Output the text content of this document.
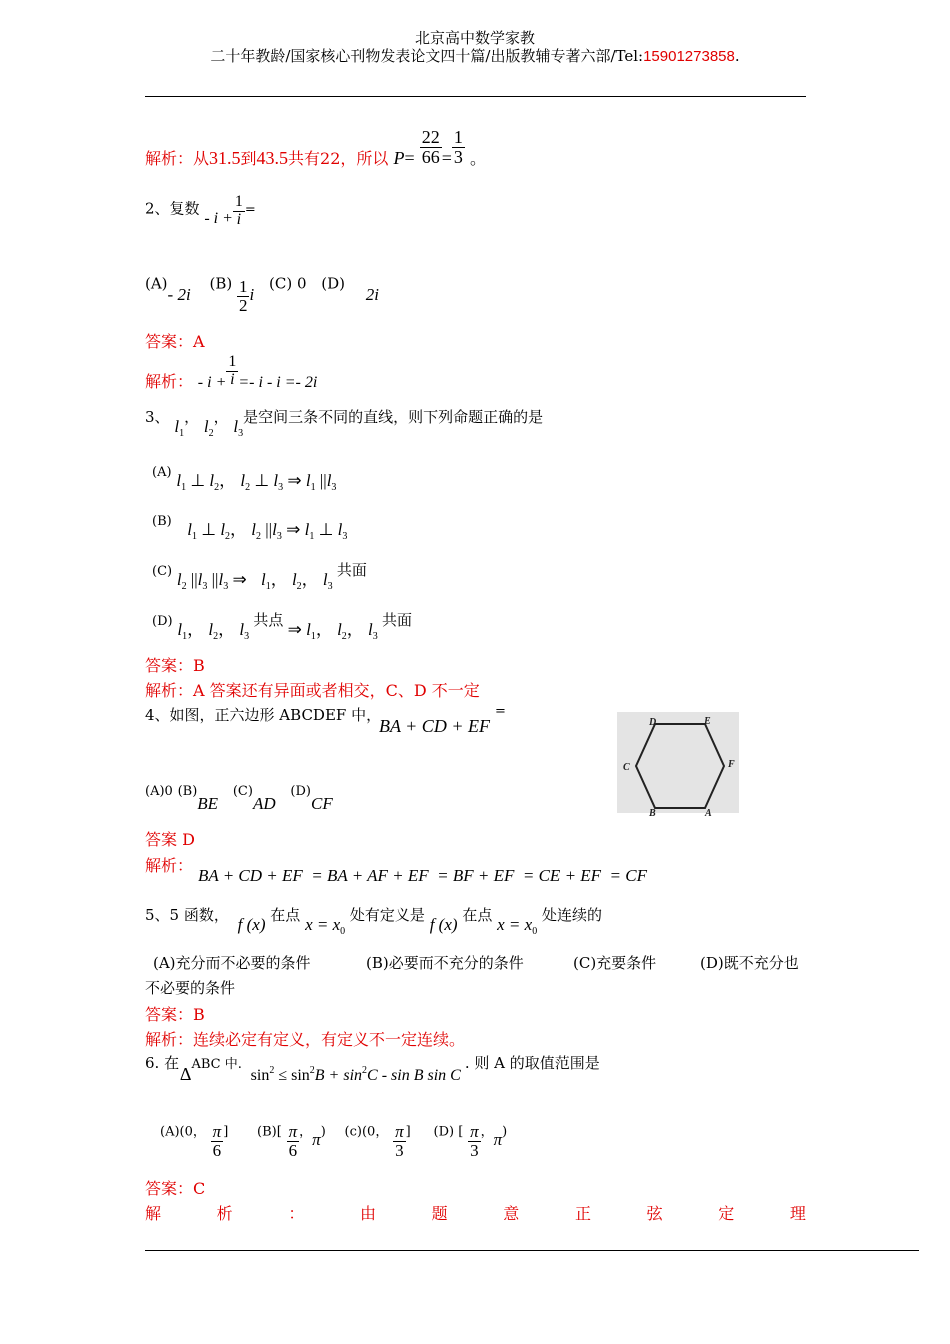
北京高中数学家教
二十年教龄/国家核心刊物发表论文四十篇/出版教辅专著六部/Tel:15901273858.
解析：从31.5到43.5共有22，所以 $P= \frac{22}{66} = \frac{1}{3}$ 。
2、复数 - $i + \frac{1}{i}$ =
(A)- 2i $(B) \frac{1}{2}$ i (C) 0 (D) 2i
答案：A
解析： - $i + \frac{1}{i} =- i - i =- 2i$
3、 $l_1$， $l_2$， $l_3$是空间三条不同的直线，则下列命题正确的是
(A) $l_1$ ⊥ $l_2$， $l_2$ ⊥ $l_3$ ⇒ $l_1$ $||l_3$
(B) $l_1$ ⊥ $l_2$， $l_2$ $||l_3$ ⇒ $l_1$ ⊥ $l_3$
(C) $l_2$ $||l_3$ $||l_3$ ⇒ $l_1$， $l_2$， $l_3$ 共面
(D) $l_1$， $l_2$， $l_3$ 共点 ⇒ $l_1$， $l_2$， $l_3$ 共面
答案：B
解析：A 答案还有异面或者相交，C、D 不一定
4、如图，正六边形 ABCDEF 中，
BA + CD + EF
=
D	E
F
A
B
C
(A)0 (B)BE (C)AD (D)CF
答案 D
解析：
BA + CD + EF  = BA + AF + EF  = BF + EF  = CE + EF  = CF
5、5 函数， f (x) 在点 $x = x_0$ 处有定义是 f (x) 在点 $x = x_0$ 处连续的
(A)充分而不必要的条件	(B)必要而不充分的条件	(C)充要条件	(D)既不充分也
不必要的条件
答案：B
解析：连续必定有定义，有定义不一定连续。
6. 在 ΔABC 中. $\sin^2 \le \sin^2B + \sin^2C - \sin B$ sin C . 则 A 的取值范围是
(A)(0， $\frac{\pi}{6}$ ] $(B)[ \frac{\pi}{6}$ ，π) (c)(0， $\frac{\pi}{3}$ ] (D) [ $\frac{\pi}{3}$ ，π)
答案：C
解	析	：	由	题	意	正	弦	定	理
